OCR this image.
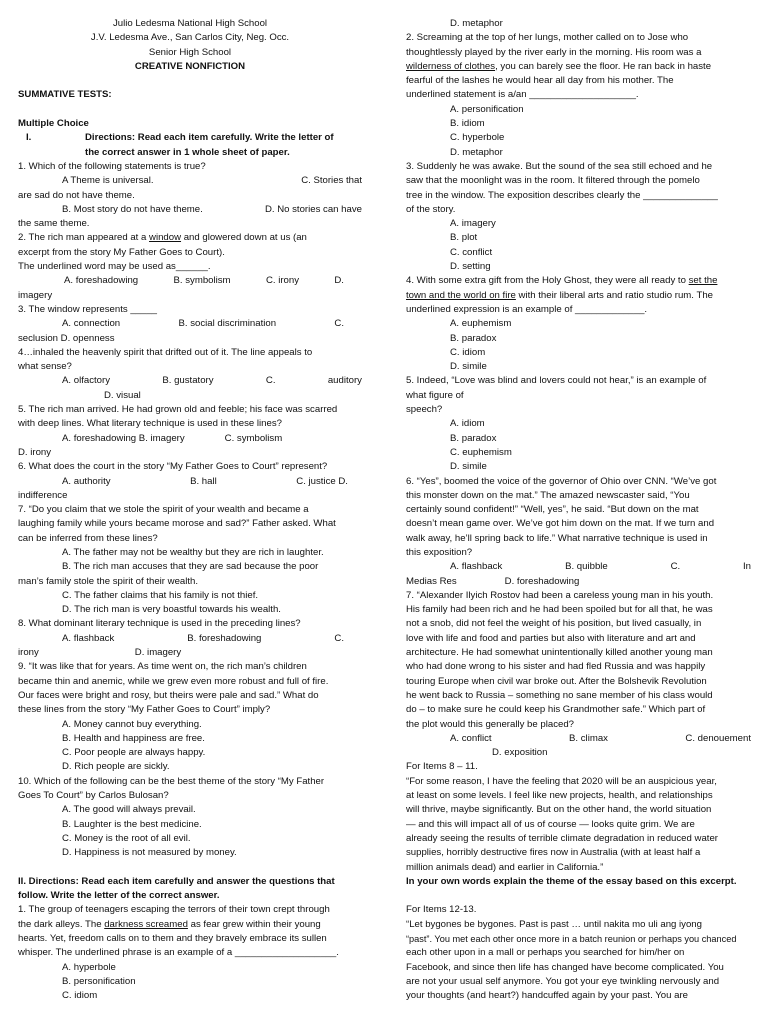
Julio Ledesma National High School
J.V. Ledesma Ave., San Carlos City, Neg. Occ.
Senior High School
CREATIVE NONFICTION
SUMMATIVE TESTS:
Multiple Choice
I.	Directions: Read each item carefully. Write the letter of
the correct answer in 1 whole sheet of paper.
1. Which of the following statements is true?
A Theme is universal.	C. Stories that
are sad do not have theme.
B. Most story do not have theme.	D. No stories can have
the same theme.
2. The rich man appeared at a window and glowered down at us (an
excerpt from the story My Father Goes to Court).
The underlined word may be used as______.
A. foreshadowing	B. symbolism	C. irony	D.
imagery
3. The window represents _____
A. connection	B. social discrimination	C.
seclusion D. openness
4…inhaled the heavenly spirit that drifted out of it. The line appeals to
what sense?
A. olfactory	B. gustatory	C.	auditory
D. visual
5. The rich man arrived. He had grown old and feeble; his face was scarred
with deep lines. What literary technique is used in these lines?
A. foreshadowing B. imagery	C. symbolism
D. irony
6. What does the court in the story “My Father Goes to Court” represent?
A. authority	B. hall	C. justice D.
indifference
7. “Do you claim that we stole the spirit of your wealth and became a
laughing family while yours became morose and sad?” Father asked. What
can be inferred from these lines?
A. The father may not be wealthy but they are rich in laughter.
B. The rich man accuses that they are sad because the poor
man’s family stole the spirit of their wealth.
C. The father claims that his family is not thief.
D. The rich man is very boastful towards his wealth.
8. What dominant literary technique is used in the preceding lines?
A. flashback	B. foreshadowing	C.
irony	D. imagery
9. “It was like that for years. As time went on, the rich man’s children
became thin and anemic, while we grew even more robust and full of fire.
Our faces were bright and rosy, but theirs were pale and sad.” What do
these lines from the story “My Father Goes to Court” imply?
A. Money cannot buy everything.
B. Health and happiness are free.
C. Poor people are always happy.
D. Rich people are sickly.
10. Which of the following can be the best theme of the story “My Father
Goes To Court” by Carlos Bulosan?
A. The good will always prevail.
B. Laughter is the best medicine.
C. Money is the root of all evil.
D. Happiness is not measured by money.
II. Directions: Read each item carefully and answer the questions that
follow. Write the letter of the correct answer.
1. The group of teenagers escaping the terrors of their town crept through
the dark alleys. The darkness screamed as fear grew within their young
hearts. Yet, freedom calls on to them and they bravely embrace its sullen
whisper. The underlined phrase is an example of a ___________________.
A. hyperbole
B. personification
C. idiom
D. metaphor
2. Screaming at the top of her lungs, mother called on to Jose who
thoughtlessly played by the river early in the morning. His room was a
wilderness of clothes, you can barely see the floor. He ran back in haste
fearful of the lashes he would hear all day from his mother. The
underlined statement is a/an ____________________.
A. personification
B. idiom
C. hyperbole
D. metaphor
3. Suddenly he was awake. But the sound of the sea still echoed and he
saw that the moonlight was in the room. It filtered through the pomelo
tree in the window. The exposition describes clearly the ______________
of the story.
A. imagery
B. plot
C. conflict
D. setting
4. With some extra gift from the Holy Ghost, they were all ready to set the
town and the world on fire with their liberal arts and ratio studio rum. The
underlined expression is an example of _____________.
A. euphemism
B. paradox
C. idiom
D. simile
5. Indeed, “Love was blind and lovers could not hear,” is an example of
what figure of
speech?
A. idiom
B. paradox
C. euphemism
D. simile
6. “Yes”, boomed the voice of the governor of Ohio over CNN. “We’ve got
this monster down on the mat.” The amazed newscaster said, “You
certainly sound confident!” “Well, yes”, he said. “But down on the mat
doesn’t mean game over. We’ve got him down on the mat. If we turn and
walk away, he’ll spring back to life.” What narrative technique is used in
this exposition?
A. flashback	B. quibble	C.	In
Medias Res	D. foreshadowing
7. “Alexander Ilyich Rostov had been a careless young man in his youth.
His family had been rich and he had been spoiled but for all that, he was
not a snob, did not feel the weight of his position, but lived casually, in
love with life and food and parties but also with literature and art and
architecture. He had somewhat unintentionally killed another young man
who had done wrong to his sister and had fled Russia and was happily
touring Europe when civil war broke out. After the Bolshevik Revolution
he went back to Russia – something no sane member of his class would
do – to make sure he could keep his Grandmother safe.” Which part of
the plot would this generally be placed?
A. conflict	B. climax	C. denouement
D. exposition
For Items 8 – 11.
“For some reason, I have the feeling that 2020 will be an auspicious year,
at least on some levels. I feel like new projects, health, and relationships
will thrive, maybe significantly. But on the other hand, the world situation
— and this will impact all of us of course — looks quite grim. We are
already seeing the results of terrible climate degradation in reduced water
supplies, horribly destructive fires now in Australia (with at least half a
million animals dead) and earlier in California.”
In your own words explain the theme of the essay based on this excerpt.
For Items 12-13.
“Let bygones be bygones. Past is past … until nakita mo uli ang iyong
“past”. You met each other once more in a batch reunion or perhaps you chanced
each other upon in a mall or perhaps you searched for him/her on
Facebook, and since then life has changed have become complicated. You
are not your usual self anymore. You got your eye twinkling nervously and
your thoughts (and heart?) handcuffed again by your past. You are
